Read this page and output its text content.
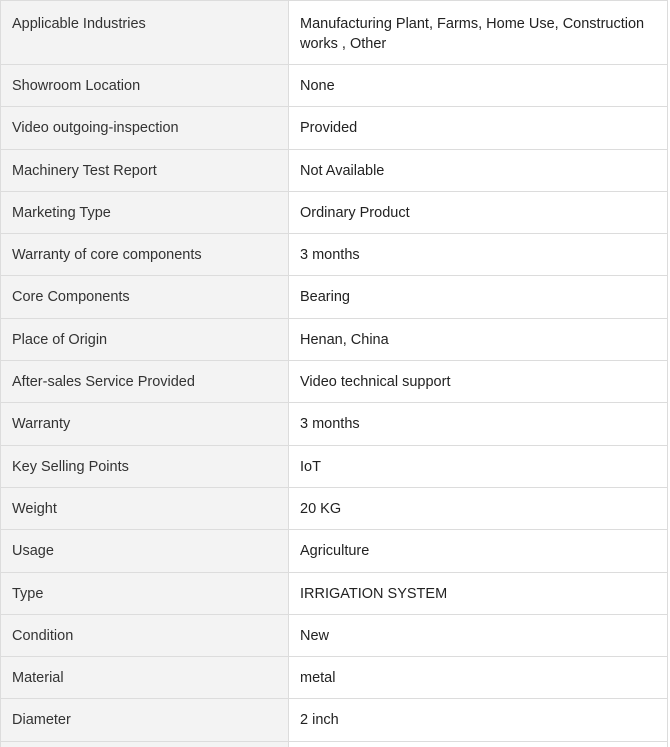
Applicable Industries	Manufacturing Plant, Farms, Home Use, Construction works , Other
Showroom Location	None
Video outgoing-inspection	Provided
Machinery Test Report	Not Available
Marketing Type	Ordinary Product
Warranty of core components	3 months
Core Components	Bearing
Place of Origin	Henan, China
After-sales Service Provided	Video technical support
Warranty	3 months
Key Selling Points	IoT
Weight	20 KG
Usage	Agriculture
Type	IRRIGATION SYSTEM
Condition	New
Material	metal
Diameter	2 inch
